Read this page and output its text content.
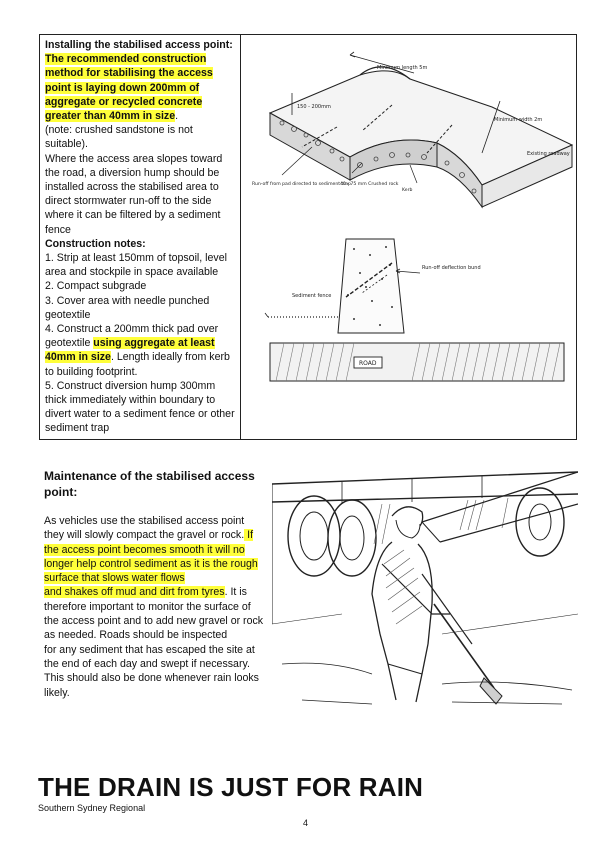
Installing the stabilised access point:
The recommended construction method for stabilising the access point is laying down 200mm of aggregate or recycled concrete greater than 40mm in size.
(note: crushed sandstone is not suitable).
Where the access area slopes toward the road, a diversion hump should be installed across the stabilised area to direct stormwater run-off to the side where it can be filtered by a sediment fence
Construction notes:
1. Strip at least 150mm of topsoil, level area and stockpile in space available
2. Compact subgrade
3. Cover area with needle punched geotextile
4. Construct a 200mm thick pad over geotextile using aggregate at least 40mm in size. Length ideally from kerb to building footprint.
5. Construct diversion hump 300mm thick immediately within boundary to divert water to a sediment fence or other sediment trap
Minimum length 5m
150 - 200mm
Minimum width 2m
Existing roadway
Run-off from pad directed to sediment trap
40 - 75 mm Crushed rock
Kerb
Sediment fence
Run-off deflection bund
ROAD
Maintenance of the stabilised access point:
As vehicles use the stabilised access point they will slowly compact the gravel or rock. If the access point becomes smooth it will no longer help control sediment as it is the rough surface that slows water flows
and shakes off mud and dirt from tyres. It is therefore important to monitor the surface of the access point and to add new gravel or rock as needed. Roads should be inspected
for any sediment that has escaped the site at the end of each day and swept if necessary. This should also be done whenever rain looks likely.
THE DRAIN IS JUST FOR RAIN
Southern Sydney Regional
4
